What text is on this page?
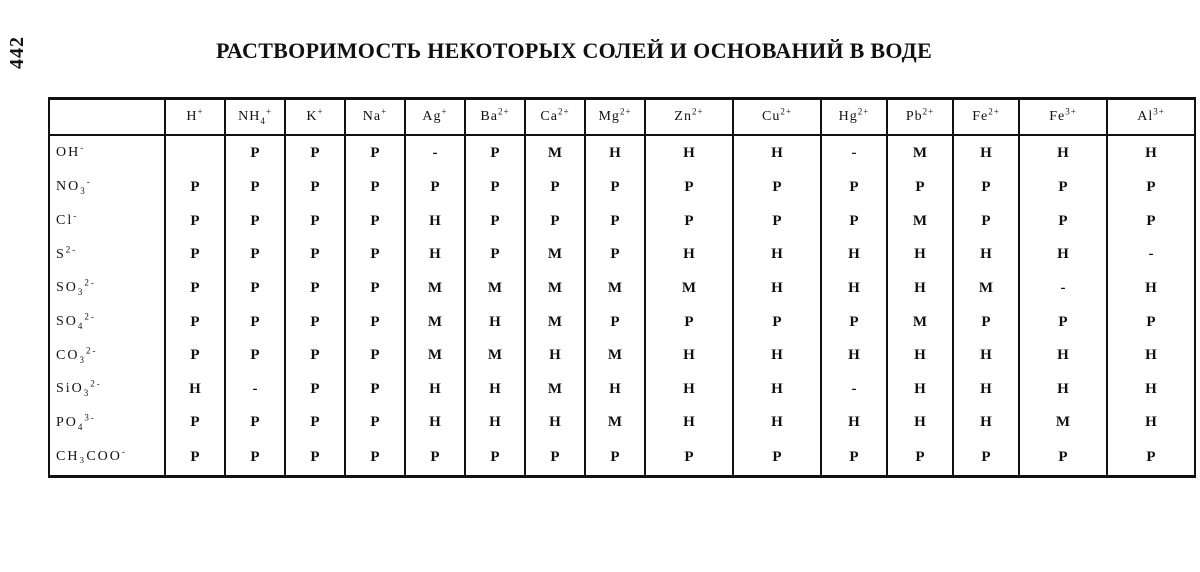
442	РАСТВОРИМОСТЬ НЕКОТОРЫХ СОЛЕЙ И ОСНОВАНИЙ В ВОДЕ
	H+	$NH_4^+$	K+	Na+	Ag+	$Ba^{2+}$	$Ca^{2+}$	$Mg^{2+}$	$Zn^{2+}$	$Cu^{2+}$	$Hg^{2+}$	$Pb^{2+}$	$Fe^{2+}$	$Fe^{3+}$	$Al^{3+}$
OH-		Р	Р	Р	-	Р	М	Н	Н	Н	-	М	Н	Н	Н
$NO_3^-$	Р	Р	Р	Р	Р	Р	Р	Р	Р	Р	Р	Р	Р	Р	Р
Cl-	Р	Р	Р	Р	Н	Р	Р	Р	Р	Р	Р	М	Р	Р	Р
$S^{2-}$	Р	Р	Р	Р	Н	Р	М	Р	Н	Н	Н	Н	Н	Н	-
$SO_3^{2-}$	Р	Р	Р	Р	М	М	М	М	М	Н	Н	Н	М	-	Н
$SO_4^{2-}$	Р	Р	Р	Р	М	Н	М	Р	Р	Р	Р	М	Р	Р	Р
$CO_3^{2-}$	Р	Р	Р	Р	М	М	Н	М	Н	Н	Н	Н	Н	Н	Н
SiO$_3^{2-}$	Н	-	Р	Р	Н	Н	М	Н	Н	Н	-	Н	Н	Н	Н
$PO_4^{3-}$	Р	Р	Р	Р	Н	Н	Н	М	Н	Н	Н	Н	Н	М	Н
CH₃COO-	Р	Р	Р	Р	Р	Р	Р	Р	Р	Р	Р	Р	Р	Р	Р
